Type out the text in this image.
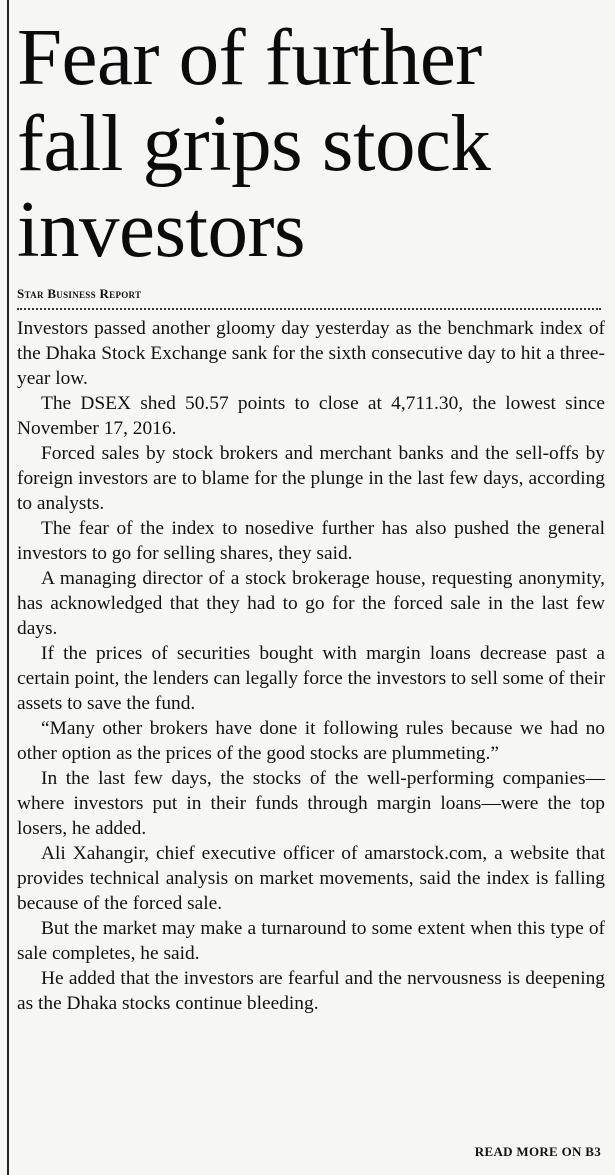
Fear of further fall grips stock investors
Star Business Report

Investors passed another gloomy day yesterday as the benchmark index of the Dhaka Stock Exchange sank for the sixth consecutive day to hit a three-year low.

The DSEX shed 50.57 points to close at 4,711.30, the lowest since November 17, 2016.

Forced sales by stock brokers and merchant banks and the sell-offs by foreign investors are to blame for the plunge in the last few days, according to analysts.

The fear of the index to nosedive further has also pushed the general investors to go for selling shares, they said.

A managing director of a stock brokerage house, requesting anonymity, has acknowledged that they had to go for the forced sale in the last few days.

If the prices of securities bought with margin loans decrease past a certain point, the lenders can legally force the investors to sell some of their assets to save the fund.

“Many other brokers have done it following rules because we had no other option as the prices of the good stocks are plummeting.”

In the last few days, the stocks of the well-performing companies—where investors put in their funds through margin loans—were the top losers, he added.

Ali Xahangir, chief executive officer of amarstock.com, a website that provides technical analysis on market movements, said the index is falling because of the forced sale.

But the market may make a turnaround to some extent when this type of sale completes, he said.

He added that the investors are fearful and the nervousness is deepening as the Dhaka stocks continue bleeding.

READ MORE ON B3
